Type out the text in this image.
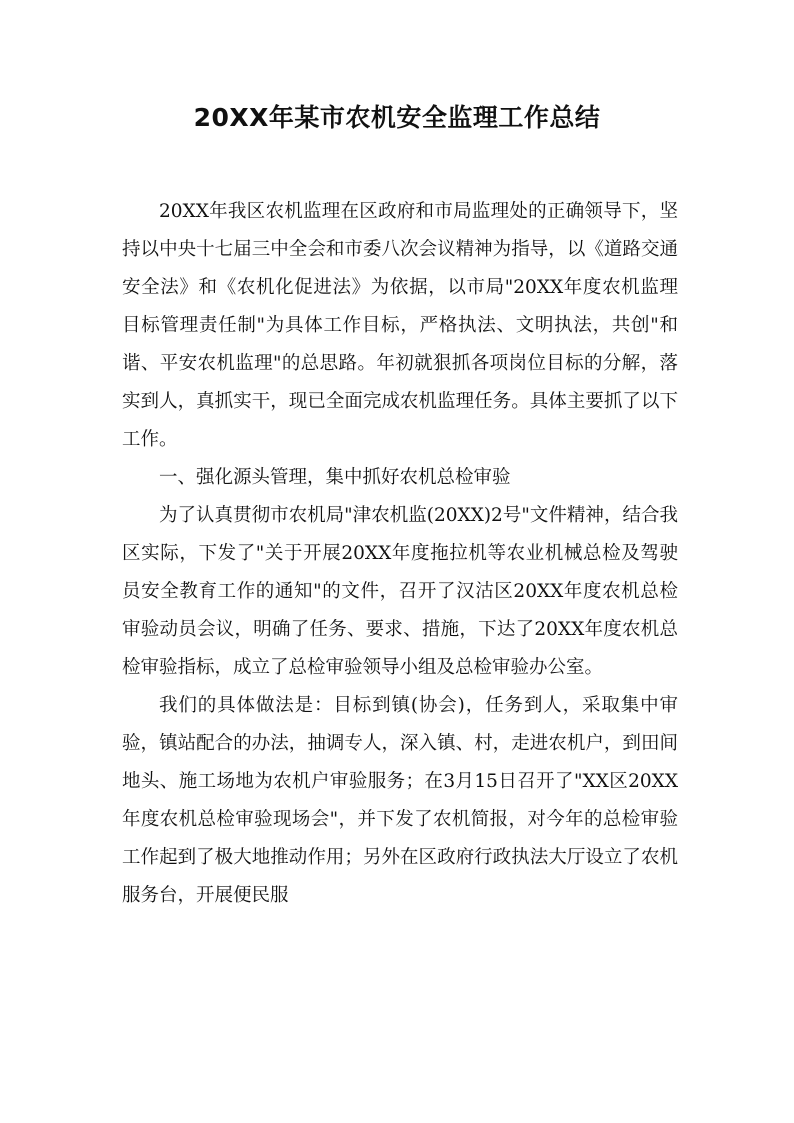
20XX年某市农机安全监理工作总结

20XX年我区农机监理在区政府和市局监理处的正确领导下，坚持以中央十七届三中全会和市委八次会议精神为指导，以《道路交通安全法》和《农机化促进法》为依据，以市局"20XX年度农机监理目标管理责任制"为具体工作目标，严格执法、文明执法，共创"和谐、平安农机监理"的总思路。年初就狠抓各项岗位目标的分解，落实到人，真抓实干，现已全面完成农机监理任务。具体主要抓了以下工作。

一、强化源头管理，集中抓好农机总检审验

为了认真贯彻市农机局"津农机监(20XX)2号"文件精神，结合我区实际，下发了"关于开展20XX年度拖拉机等农业机械总检及驾驶员安全教育工作的通知"的文件，召开了汉沽区20XX年度农机总检审验动员会议，明确了任务、要求、措施，下达了20XX年度农机总检审验指标，成立了总检审验领导小组及总检审验办公室。

我们的具体做法是：目标到镇(协会)，任务到人，采取集中审验，镇站配合的办法，抽调专人，深入镇、村，走进农机户，到田间地头、施工场地为农机户审验服务；在3月15日召开了"XX区20XX年度农机总检审验现场会"，并下发了农机简报，对今年的总检审验工作起到了极大地推动作用；另外在区政府行政执法大厅设立了农机服务台，开展便民服
